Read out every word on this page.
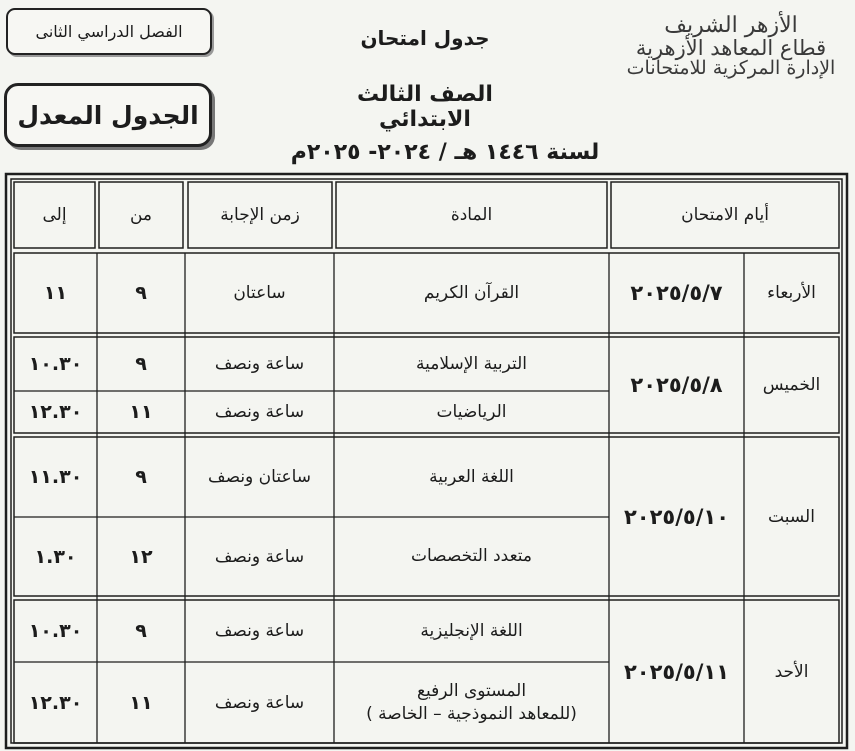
الفصل الدراسي الثانى
الجدول المعدل
جدول امتحان
الصف الثالث الابتدائي
لسنة ١٤٤٦ هـ / ٢٠٢٤- ٢٠٢٥م
الأزهر الشريف
قطاع المعاهد الأزهرية
الإدارة المركزية للامتحانات
أيام الامتحان
المادة
زمن الإجابة
من
إلى
الأربعاء
٢٠٢٥/٥/٧
القرآن الكريم
ساعتان
٩
١١
الخميس
٢٠٢٥/٥/٨
التربية الإسلامية
ساعة ونصف
٩
١٠.٣٠
الرياضيات
ساعة ونصف
١١
١٢.٣٠
السبت
٢٠٢٥/٥/١٠
اللغة العربية
ساعتان ونصف
٩
١١.٣٠
متعدد التخصصات
ساعة ونصف
١٢
١.٣٠
الأحد
٢٠٢٥/٥/١١
اللغة الإنجليزية
ساعة ونصف
٩
١٠.٣٠
المستوى الرفيع
(للمعاهد النموذجية – الخاصة )
ساعة ونصف
١١
١٢.٣٠
